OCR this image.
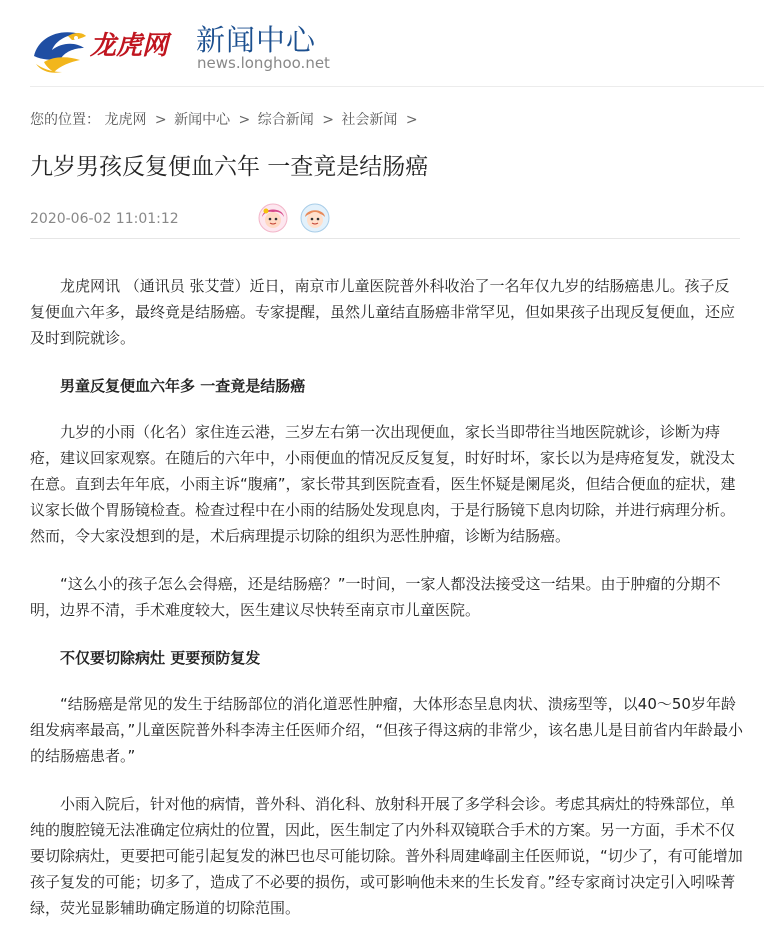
龙虎网 新闻中心
news.longhoo.net
您的位置： 龙虎网 > 新闻中心 > 综合新闻 > 社会新闻 >
九岁男孩反复便血六年 一查竟是结肠癌
2020-06-02 11:01:12

龙虎网讯 （通讯员 张艾萱）近日，南京市儿童医院普外科收治了一名年仅九岁的结肠癌患儿。孩子反复便血六年多，最终竟是结肠癌。专家提醒，虽然儿童结直肠癌非常罕见，但如果孩子出现反复便血，还应及时到院就诊。

男童反复便血六年多 一查竟是结肠癌

九岁的小雨（化名）家住连云港，三岁左右第一次出现便血，家长当即带往当地医院就诊，诊断为痔疮，建议回家观察。在随后的六年中，小雨便血的情况反反复复，时好时坏，家长以为是痔疮复发，就没太在意。直到去年年底，小雨主诉“腹痛”，家长带其到医院查看，医生怀疑是阑尾炎，但结合便血的症状，建议家长做个胃肠镜检查。检查过程中在小雨的结肠处发现息肉，于是行肠镜下息肉切除，并进行病理分析。然而，令大家没想到的是，术后病理提示切除的组织为恶性肿瘤，诊断为结肠癌。

“这么小的孩子怎么会得癌，还是结肠癌？”一时间，一家人都没法接受这一结果。由于肿瘤的分期不明，边界不清，手术难度较大，医生建议尽快转至南京市儿童医院。

不仅要切除病灶 更要预防复发

“结肠癌是常见的发生于结肠部位的消化道恶性肿瘤，大体形态呈息肉状、溃疡型等，以40～50岁年龄组发病率最高，”儿童医院普外科李涛主任医师介绍，“但孩子得这病的非常少，该名患儿是目前省内年龄最小的结肠癌患者。”

小雨入院后，针对他的病情，普外科、消化科、放射科开展了多学科会诊。考虑其病灶的特殊部位，单纯的腹腔镜无法准确定位病灶的位置，因此，医生制定了内外科双镜联合手术的方案。另一方面，手术不仅要切除病灶，更要把可能引起复发的淋巴也尽可能切除。普外科周建峰副主任医师说，“切少了，有可能增加孩子复发的可能；切多了，造成了不必要的损伤，或可影响他未来的生长发育。”经专家商讨决定引入吲哚菁绿，荧光显影辅助确定肠道的切除范围。
